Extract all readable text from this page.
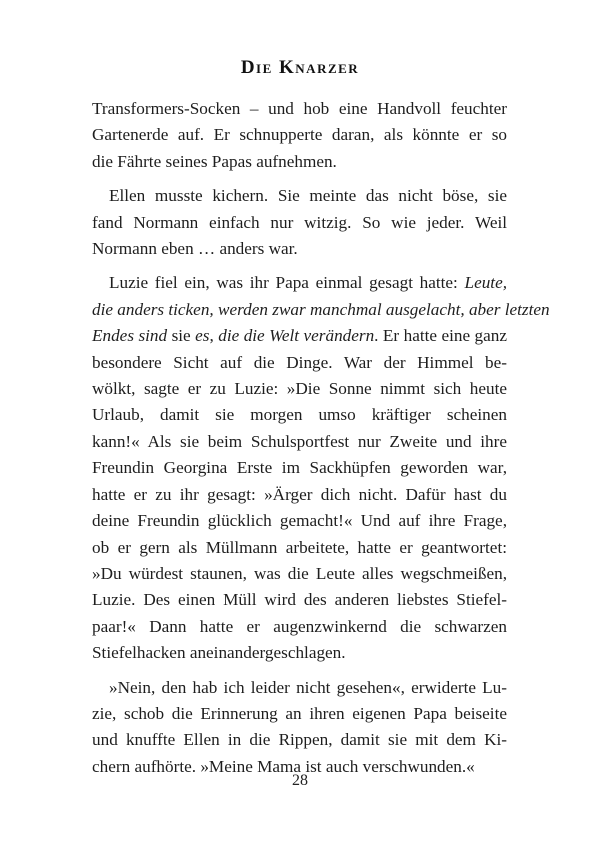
Die Knarzer
Transformers-Socken – und hob eine Handvoll feuchter
Gartenerde auf. Er schnupperte daran, als könnte er so
die Fährte seines Papas aufnehmen.
Ellen musste kichern. Sie meinte das nicht böse, sie
fand Normann einfach nur witzig. So wie jeder. Weil
Normann eben … anders war.
Luzie fiel ein, was ihr Papa einmal gesagt hatte: Leute,
die anders ticken, werden zwar manchmal ausgelacht, aber letzten
Endes sind sie es, die die Welt verändern. Er hatte eine ganz
besondere Sicht auf die Dinge. War der Himmel be-
wölkt, sagte er zu Luzie: »Die Sonne nimmt sich heute
Urlaub, damit sie morgen umso kräftiger scheinen
kann!« Als sie beim Schulsportfest nur Zweite und ihre
Freundin Georgina Erste im Sackhüpfen geworden war,
hatte er zu ihr gesagt: »Ärger dich nicht. Dafür hast du
deine Freundin glücklich gemacht!« Und auf ihre Frage,
ob er gern als Müllmann arbeitete, hatte er geantwortet:
»Du würdest staunen, was die Leute alles wegschmeißen,
Luzie. Des einen Müll wird des anderen liebstes Stiefel-
paar!« Dann hatte er augenzwinkernd die schwarzen
Stiefelhacken aneinandergeschlagen.
»Nein, den hab ich leider nicht gesehen«, erwiderte Lu-
zie, schob die Erinnerung an ihren eigenen Papa beiseite
und knuffte Ellen in die Rippen, damit sie mit dem Ki-
chern aufhörte. »Meine Mama ist auch verschwunden.«
28
